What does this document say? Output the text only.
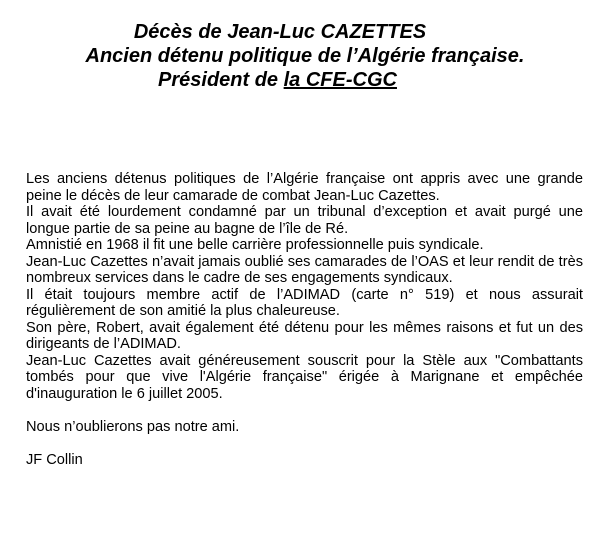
Décès de Jean-Luc CAZETTES
Ancien détenu politique de l’Algérie française.
Président de la CFE-CGC

Les anciens détenus politiques de l’Algérie française ont appris avec une grande peine le décès de leur camarade de combat Jean-Luc Cazettes.

Il avait été lourdement condamné par un tribunal d’exception et avait purgé une longue partie de sa peine au bagne de l’île de Ré.

Amnistié en 1968 il fit une belle carrière professionnelle puis syndicale.

Jean-Luc Cazettes n’avait jamais oublié ses camarades de l’OAS et leur rendit de très nombreux services dans le cadre de ses engagements syndicaux.

Il était toujours membre actif de l’ADIMAD (carte n° 519) et nous assurait régulièrement de son amitié la plus chaleureuse.

Son père, Robert, avait également été détenu pour les mêmes raisons et fut un des dirigeants de l’ADIMAD.

Jean-Luc Cazettes avait généreusement souscrit pour la Stèle aux "Combattants tombés pour que vive l'Algérie française" érigée à Marignane et empêchée d'inauguration le 6 juillet 2005.

Nous n’oublierons pas notre ami.

JF Collin
